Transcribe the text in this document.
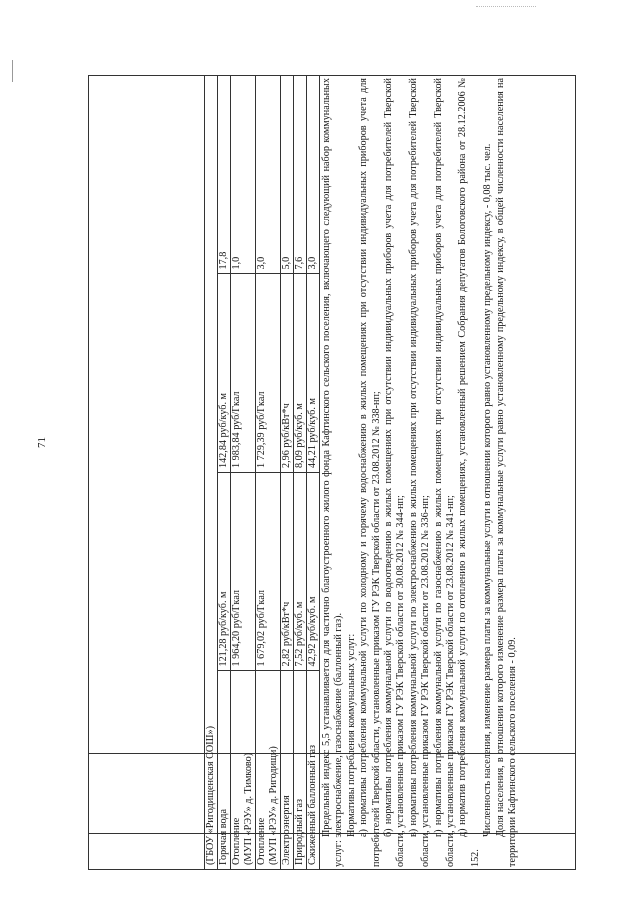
71
(ГБОУ «Ригодищенская СОШ»)			

Горячая вода	121,28 руб/куб. м	142,84 руб/куб. м	17,8

Отопление (МУП «РЭУ» д. Тимково)	1 964,20 руб/Гкал	1 983,84 руб/Гкал	1,0

Отопление (МУП «РЭУ» д. Ригодищи)	1 679,02 руб/Гкал	1 729,39 руб/Гкал	3,0

Электроэнергия	2,82 руб/кВт*ч	2,96 руб/кВт*ч	5,0

Природный газ	7,52 руб/куб. м	8,09 руб/куб. м	7,6

Сжиженный баллонный газ	42,92 руб/куб. м	44,21 руб/куб. м	3,0 Предельный индекс 5,5 устанавливается для частично благоустроенного жилого фонда Кафтинского сельского поселения, включающего следующий набор коммунальных услуг: электроснабжение, газоснабжение (баллонный газ). Нормативы потребления коммунальных услуг: а) нормативы потребления коммунальной услуги по холодному и горячему водоснабжению в жилых помещениях при отсутствии индивидуальных приборов учета для потребителей Тверской области, установленные приказом ГУ РЭК Тверской области от 23.08.2012 № 338-нп; б) нормативы потребления коммунальной услуги по водоотведению в жилых помещениях при отсутствии индивидуальных приборов учета для потребителей Тверской области, установленные приказом ГУ РЭК Тверской области от 30.08.2012 № 344-нп; в) нормативы потребления коммунальной услуги по электроснабжению в жилых помещениях при отсутствии индивидуальных приборов учета для потребителей Тверской области, установленные приказом ГУ РЭК Тверской области от 23.08.2012 № 336-нп; г) нормативы потребления коммунальной услуги по газоснабжению в жилых помещениях при отсутствии индивидуальных приборов учета для потребителей Тверской области, установленные приказом ГУ РЭК Тверской области от 23.08.2012 № 341-нп; д) норматив потребления коммунальной услуги по отоплению в жилых помещениях, установленный решением Собрания депутатов Бологовского района от 28.12.2006 № 152.

Численность населения, изменение размера платы за коммунальные услуги в отношении которого равно установленному предельному индексу, - 0,08 тыс. чел. Доля населения, в отношении которого изменение размера платы за коммунальные услуги равно установленному предельному индексу, в общей численности населения на территории Кафтинского сельского поселения - 0,09.
